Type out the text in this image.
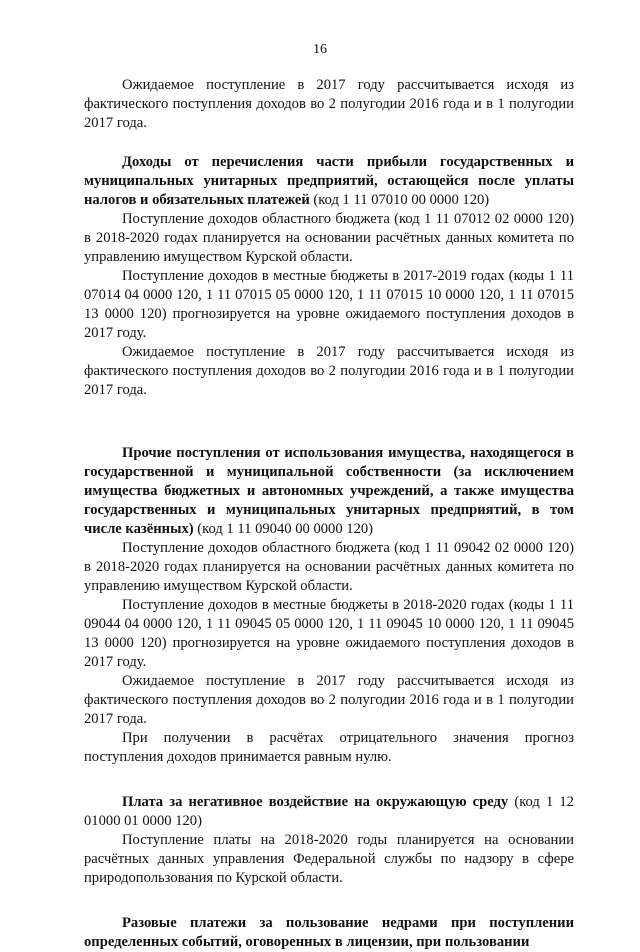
16

Ожидаемое поступление в 2017 году рассчитывается исходя из фактического поступления доходов во 2 полугодии 2016 года и в 1 полугодии 2017 года.

Доходы от перечисления части прибыли государственных и муниципальных унитарных предприятий, остающейся после уплаты налогов и обязательных платежей (код 1 11 07010 00 0000 120)

Поступление доходов областного бюджета (код 1 11 07012 02 0000 120) в 2018-2020 годах планируется на основании расчётных данных комитета по управлению имуществом Курской области.

Поступление доходов в местные бюджеты в 2017-2019 годах (коды 1 11 07014 04 0000 120, 1 11 07015 05 0000 120, 1 11 07015 10 0000 120, 1 11 07015 13 0000 120) прогнозируется на уровне ожидаемого поступления доходов в 2017 году.

Ожидаемое поступление в 2017 году рассчитывается исходя из фактического поступления доходов во 2 полугодии 2016 года и в 1 полугодии 2017 года.

Прочие поступления от использования имущества, находящегося в государственной и муниципальной собственности (за исключением имущества бюджетных и автономных учреждений, а также имущества государственных и муниципальных унитарных предприятий, в том числе казённых) (код 1 11 09040 00 0000 120)

Поступление доходов областного бюджета (код 1 11 09042 02 0000 120) в 2018-2020 годах планируется на основании расчётных данных комитета по управлению имуществом Курской области.

Поступление доходов в местные бюджеты в 2018-2020 годах (коды 1 11 09044 04 0000 120, 1 11 09045 05 0000 120, 1 11 09045 10 0000 120, 1 11 09045 13 0000 120) прогнозируется на уровне ожидаемого поступления доходов в 2017 году.

Ожидаемое поступление в 2017 году рассчитывается исходя из фактического поступления доходов во 2 полугодии 2016 года и в 1 полугодии 2017 года.

При получении в расчётах отрицательного значения прогноз поступления доходов принимается равным нулю.

Плата за негативное воздействие на окружающую среду (код 1 12 01000 01 0000 120)

Поступление платы на 2018-2020 годы планируется на основании расчётных данных управления Федеральной службы по надзору в сфере природопользования по Курской области.

Разовые платежи за пользование недрами при поступлении определенных событий, оговоренных в лицензии, при пользовании
